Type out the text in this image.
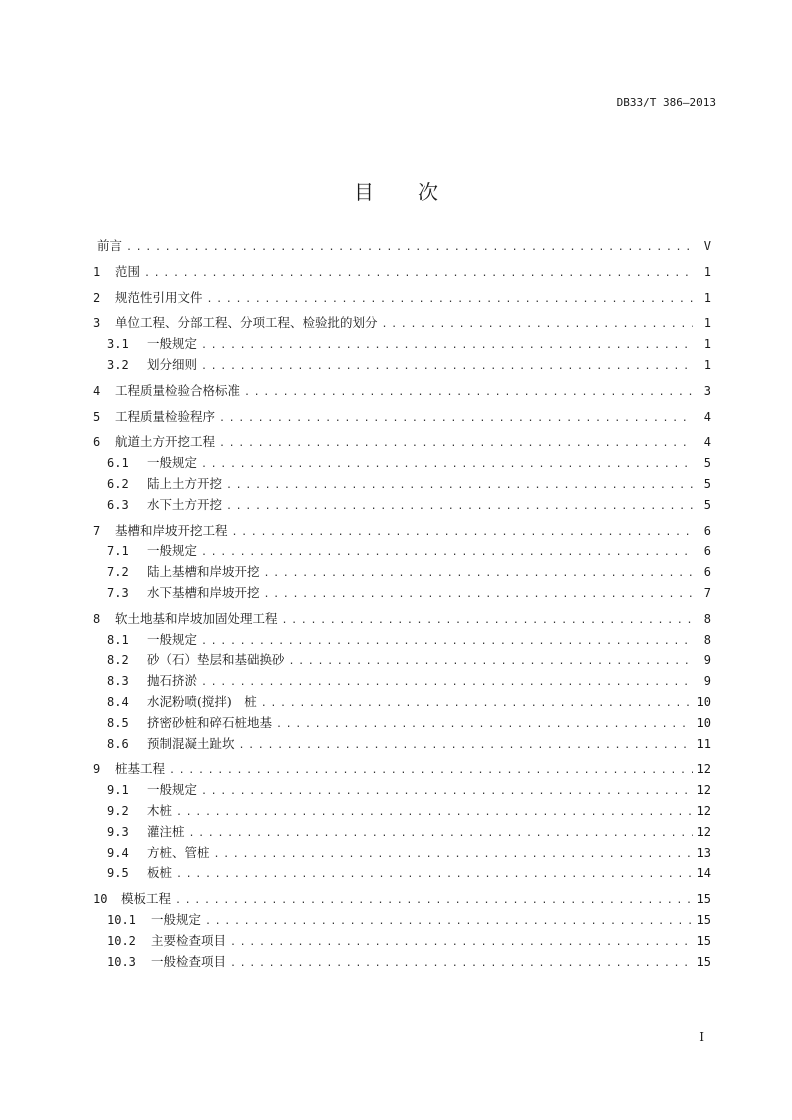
DB33/T 386—2013
目 次
前言 . . .	V
1	范围 . . .	1
2	规范性引用文件 . . .	1
3	单位工程、分部工程、分项工程、检验批的划分 . . .	1
3.1	一般规定 . . .	1
3.2	划分细则 . . .	1
4	工程质量检验合格标准 . . .	3
5	工程质量检验程序 . . .	4
6	航道土方开挖工程 . . .	4
6.1	一般规定 . . .	5
6.2	陆上土方开挖 . . .	5
6.3	水下土方开挖 . . .	5
7	基槽和岸坡开挖工程 . . .	6
7.1	一般规定 . . .	6
7.2	陆上基槽和岸坡开挖 . . .	6
7.3	水下基槽和岸坡开挖 . . .	7
8	软土地基和岸坡加固处理工程 . . .	8
8.1	一般规定 . . .	8
8.2	砂（石）垫层和基础换砂 . . .	9
8.3	抛石挤淤 . . .	9
8.4	水泥粉喷(搅拌)　桩 . . .	10
8.5	挤密砂桩和碎石桩地基 . . .	10
8.6	预制混凝土趾坎 . . .	11
9	桩基工程 . . .	12
9.1	一般规定 . . .	12
9.2	木桩 . . .	12
9.3	灌注桩 . . .	12
9.4	方桩、管桩 . . .	13
9.5	板桩 . . .	14
10	模板工程 . . .	15
10.1	一般规定 . . .	15
10.2	主要检查项目 . . .	15
10.3	一般检查项目 . . .	15
I
